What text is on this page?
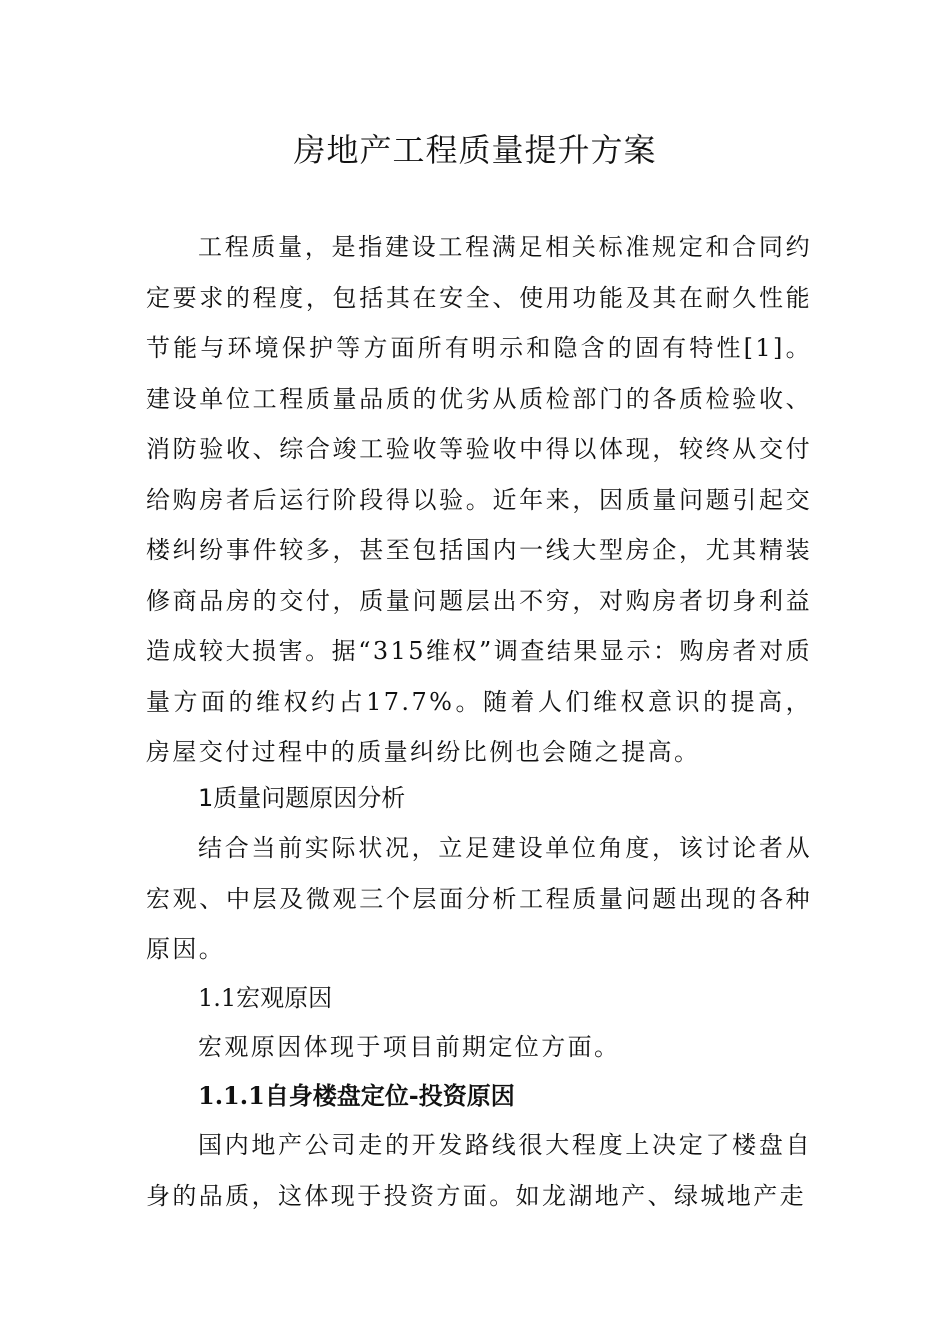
房地产工程质量提升方案

工程质量，是指建设工程满足相关标准规定和合同约定要求的程度，包括其在安全、使用功能及其在耐久性能节能与环境保护等方面所有明示和隐含的固有特性[1]。建设单位工程质量品质的优劣从质检部门的各质检验收、消防验收、综合竣工验收等验收中得以体现，较终从交付给购房者后运行阶段得以验。近年来，因质量问题引起交楼纠纷事件较多，甚至包括国内一线大型房企，尤其精装修商品房的交付，质量问题层出不穷，对购房者切身利益造成较大损害。据“315维权”调查结果显示：购房者对质量方面的维权约占17.7%。随着人们维权意识的提高，房屋交付过程中的质量纠纷比例也会随之提高。

1质量问题原因分析

结合当前实际状况，立足建设单位角度，该讨论者从宏观、中层及微观三个层面分析工程质量问题出现的各种原因。

1.1宏观原因

宏观原因体现于项目前期定位方面。

1.1.1自身楼盘定位-投资原因

国内地产公司走的开发路线很大程度上决定了楼盘自身的品质，这体现于投资方面。如龙湖地产、绿城地产走
